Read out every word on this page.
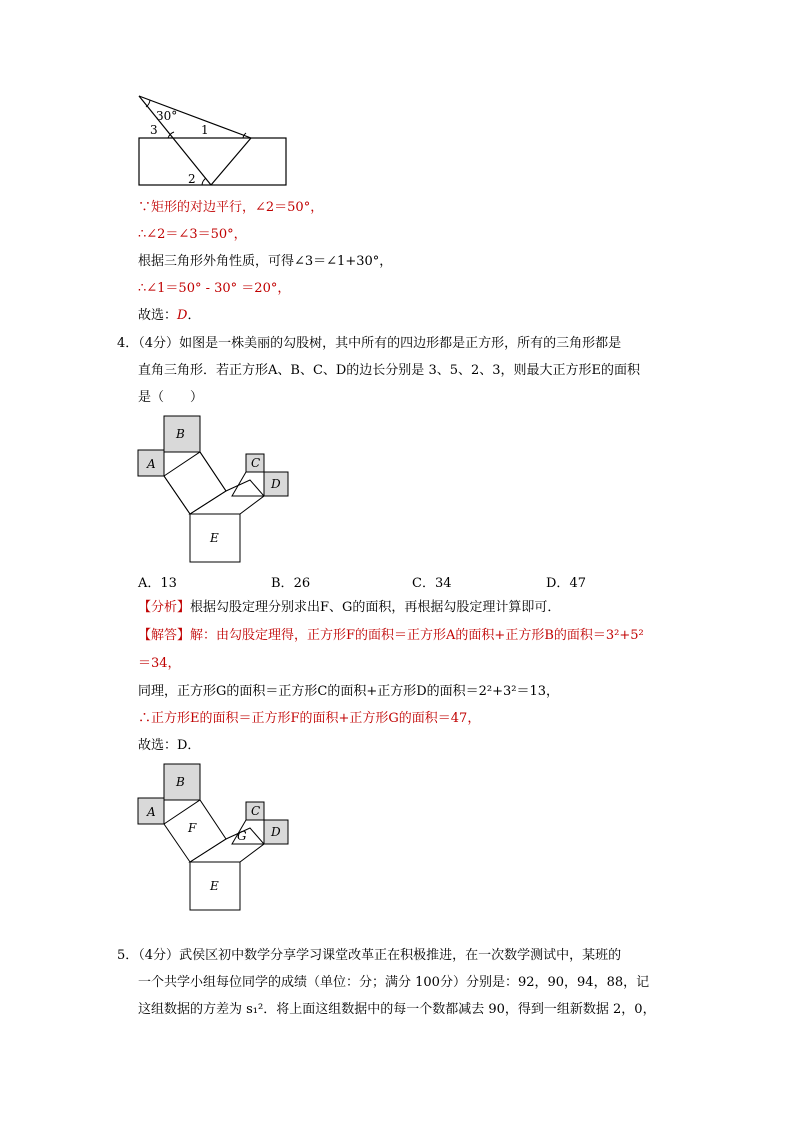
30°
3	1
2
∵矩形的对边平行，∠2＝50°，
∴∠2＝∠3＝50°，
根据三角形外角性质，可得∠3＝∠1+30°，
∴∠1＝50° - 30° ＝20°，
故选：D．
4．（4分）如图是一株美丽的勾股树，其中所有的四边形都是正方形，所有的三角形都是
直角三角形．若正方形A、B、C、D的边长分别是 3、5、2、3，则最大正方形E的面积
是（　　）
A
B
C
D
E
A．13	B．26	C．34	D．47
【分析】根据勾股定理分别求出F、G的面积，再根据勾股定理计算即可．
【解答】解：由勾股定理得，正方形F的面积＝正方形A的面积+正方形B的面积＝3²+5²
＝34，
同理，正方形G的面积＝正方形C的面积+正方形D的面积＝2²+3²＝13，
∴正方形E的面积＝正方形F的面积+正方形G的面积＝47，
故选：D．
A
B
C
D
E
F
G
5．（4分）武侯区初中数学分享学习课堂改革正在积极推进，在一次数学测试中，某班的
一个共学小组每位同学的成绩（单位：分；满分 100分）分别是：92，90，94，88，记
这组数据的方差为 s₁²．将上面这组数据中的每一个数都减去 90，得到一组新数据 2，0，
